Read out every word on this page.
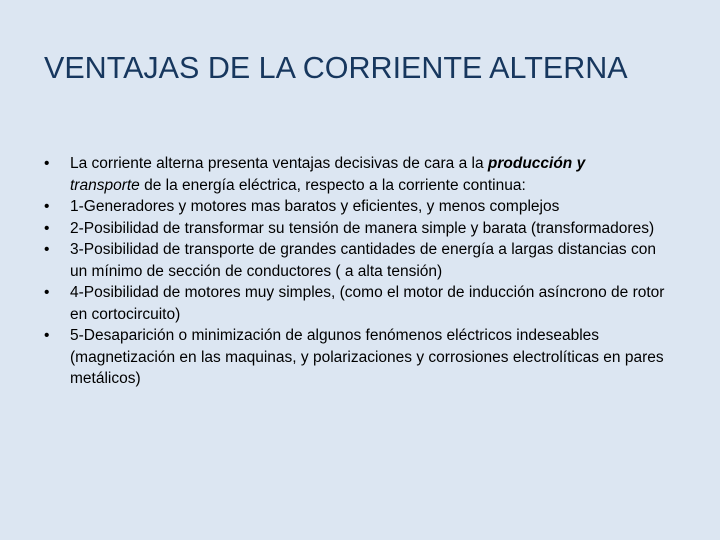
VENTAJAS DE LA CORRIENTE ALTERNA
•	La corriente alterna presenta ventajas decisivas de cara a la producción y
transporte de la energía eléctrica, respecto a la corriente continua:
•	1-Generadores y motores mas baratos y eficientes, y menos complejos
•	2-Posibilidad de transformar su tensión de manera simple y barata (transformadores)
•	3-Posibilidad de transporte de grandes cantidades de energía a largas distancias con un mínimo de sección de conductores ( a alta tensión)
•	4-Posibilidad de motores muy simples, (como el motor de inducción asíncrono de rotor en cortocircuito)
•	5-Desaparición o minimización de algunos fenómenos eléctricos indeseables (magnetización en las maquinas, y polarizaciones y corrosiones electrolíticas en pares metálicos)
